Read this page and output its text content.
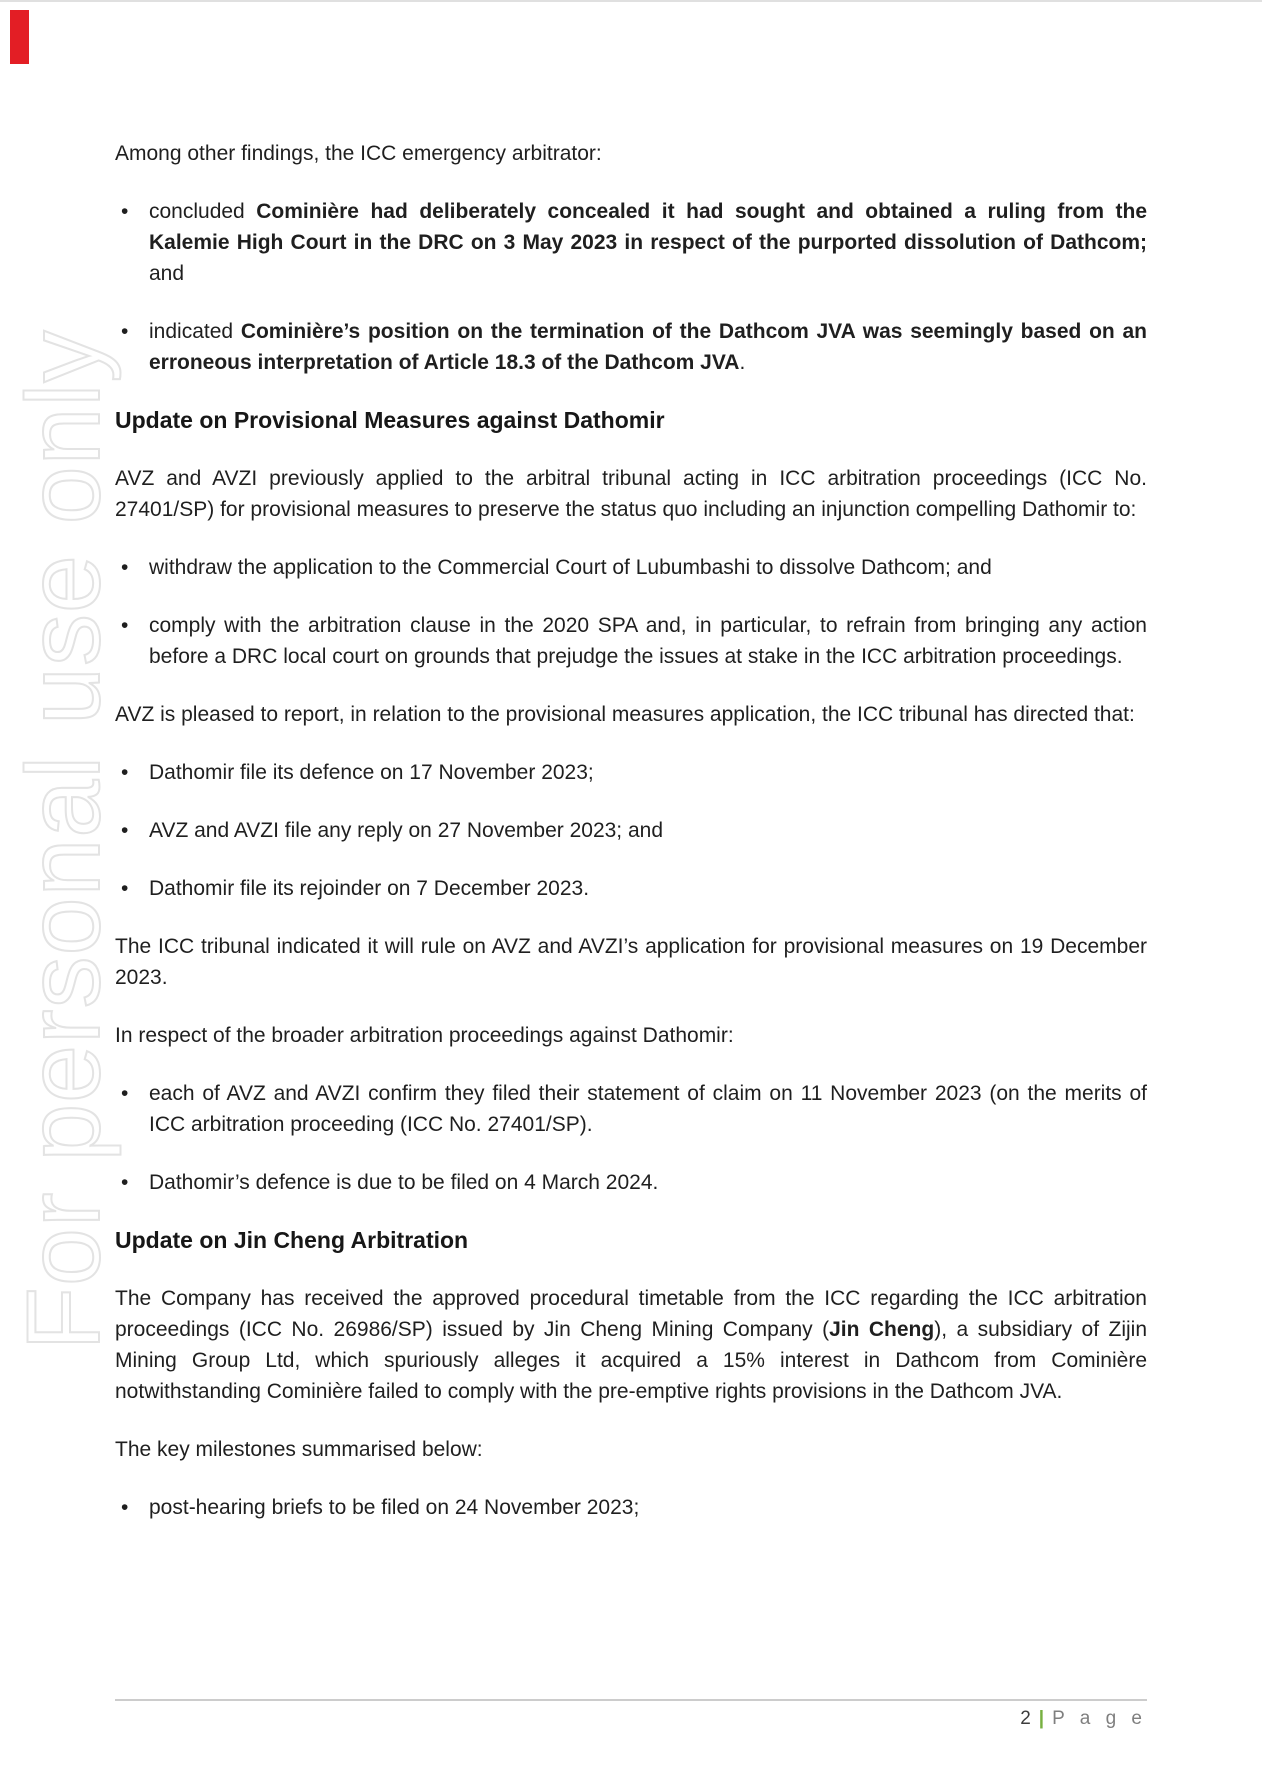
For personal use only
Among other findings, the ICC emergency arbitrator:
• concluded Cominière had deliberately concealed it had sought and obtained a ruling from the Kalemie High Court in the DRC on 3 May 2023 in respect of the purported dissolution of Dathcom; and
• indicated Cominière’s position on the termination of the Dathcom JVA was seemingly based on an erroneous interpretation of Article 18.3 of the Dathcom JVA.
Update on Provisional Measures against Dathomir
AVZ and AVZI previously applied to the arbitral tribunal acting in ICC arbitration proceedings (ICC No. 27401/SP) for provisional measures to preserve the status quo including an injunction compelling Dathomir to:
• withdraw the application to the Commercial Court of Lubumbashi to dissolve Dathcom; and
• comply with the arbitration clause in the 2020 SPA and, in particular, to refrain from bringing any action before a DRC local court on grounds that prejudge the issues at stake in the ICC arbitration proceedings.
AVZ is pleased to report, in relation to the provisional measures application, the ICC tribunal has directed that:
• Dathomir file its defence on 17 November 2023;
• AVZ and AVZI file any reply on 27 November 2023; and
• Dathomir file its rejoinder on 7 December 2023.
The ICC tribunal indicated it will rule on AVZ and AVZI’s application for provisional measures on 19 December 2023.
In respect of the broader arbitration proceedings against Dathomir:
• each of AVZ and AVZI confirm they filed their statement of claim on 11 November 2023 (on the merits of ICC arbitration proceeding (ICC No. 27401/SP).
• Dathomir’s defence is due to be filed on 4 March 2024.
Update on Jin Cheng Arbitration
The Company has received the approved procedural timetable from the ICC regarding the ICC arbitration proceedings (ICC No. 26986/SP) issued by Jin Cheng Mining Company (Jin Cheng), a subsidiary of Zijin Mining Group Ltd, which spuriously alleges it acquired a 15% interest in Dathcom from Cominière notwithstanding Cominière failed to comply with the pre-emptive rights provisions in the Dathcom JVA.
The key milestones summarised below:
• post-hearing briefs to be filed on 24 November 2023;
2 | P a g e
